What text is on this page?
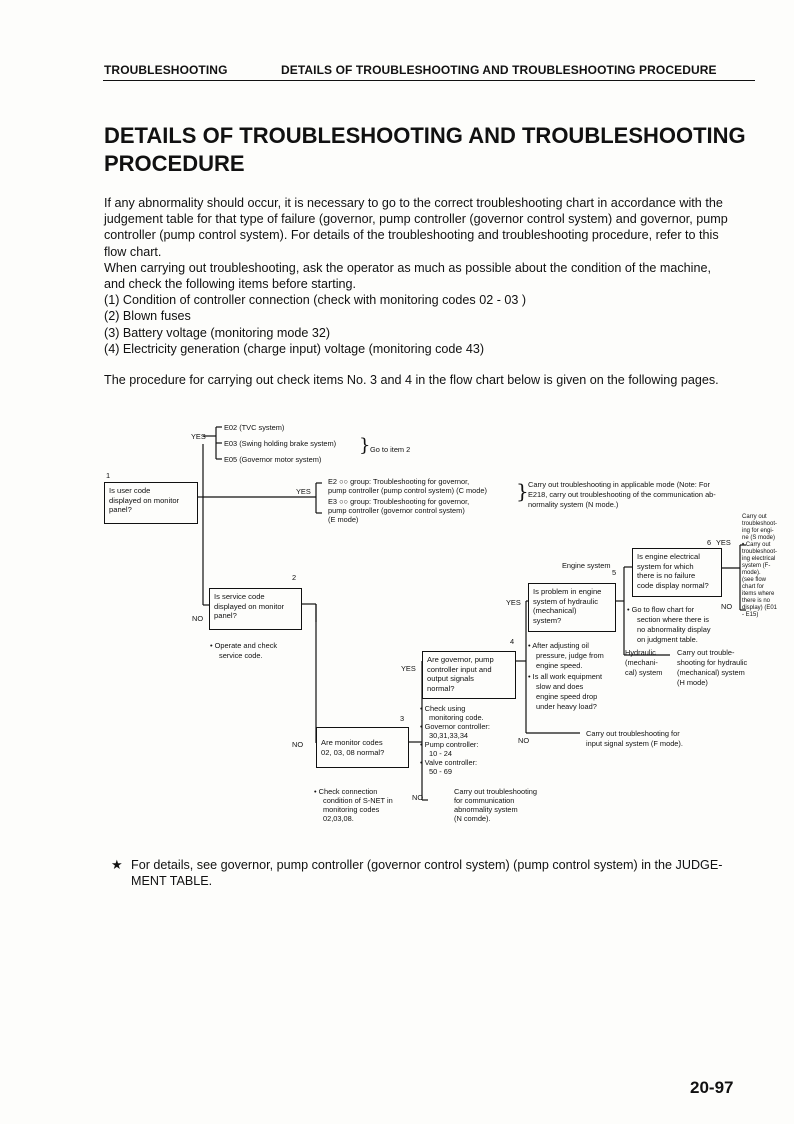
TROUBLESHOOTING	DETAILS OF TROUBLESHOOTING AND TROUBLESHOOTING PROCEDURE
DETAILS OF TROUBLESHOOTING AND TROUBLESHOOTING
PROCEDURE
If any abnormality should occur, it is necessary to go to the correct troubleshooting chart in accordance with the
judgement table for that type of failure (governor, pump controller (governor control system) and governor, pump
controller (pump control system). For details of the troubleshooting and troubleshooting procedure, refer to this
flow chart.
When carrying out troubleshooting, ask the operator as much as possible about the condition of the machine,
and check the following items before starting.
(1) Condition of controller connection (check with monitoring codes 02 - 03 )
(2) Blown fuses
(3) Battery voltage (monitoring mode 32)
(4) Electricity generation (charge input) voltage (monitoring code 43)
The procedure for carrying out check items No. 3 and 4 in the flow chart below is given on the following pages.
YES
E02 (TVC system)
E03 (Swing holding brake system)
E05 (Governor motor system)
} Go to item 2
1
Is user code
displayed on monitor
panel?
YES
E2 ○○ group: Troubleshooting for governor,
pump controller (pump control system) (C mode)
E3 ○○ group: Troubleshooting for governor,
pump controller (governor control system)
(E mode)
} Carry out troubleshooting in applicable mode (Note: For
E218, carry out troubleshooting of the communication ab-
normality system (N mode.)
2
Is service code
displayed on monitor
panel?
NO
• Operate and check
service code.
Engine system
6 YES
Is engine electrical
system for which
there is no failure
code display normal?
NO
Carry out
troubleshoot-
ing for engi-
ne (S mode)
• Carry out
troubleshoot-
ing electrical
system (F-
mode).
(see flow
chart for
items where
there is no
display) (E01
- E15)
5
YES
Is problem in engine
system of hydraulic
(mechanical)
system?
• Go to flow chart for
section where there is
no abnormality display
on judgment table.
Hydraulic
(mechani-
cal) system
Carry out trouble-
shooting for hydraulic
(mechanical) system
(H mode)
4 • After adjusting oil
pressure, judge from
engine speed.
• Is all work equipment
slow and does
engine speed drop
under heavy load?
YES
Are governor, pump
controller input and
output signals
normal?
• Check using
monitoring code.
• Governor controller:
30,31,33,34
• Pump controller:
10 - 24
• Valve controller:
50 - 69
Carry out troubleshooting for
input signal system (F mode).
NO
3
NO	Are monitor codes
02, 03, 08 normal?
• Check connection
condition of S-NET in
monitoring codes
02,03,08.
NO
Carry out troubleshooting
for communication
abnormality system
(N comde).
★ For details, see governor, pump controller (governor control system) (pump control system) in the JUDGE-
MENT TABLE.
20-97
